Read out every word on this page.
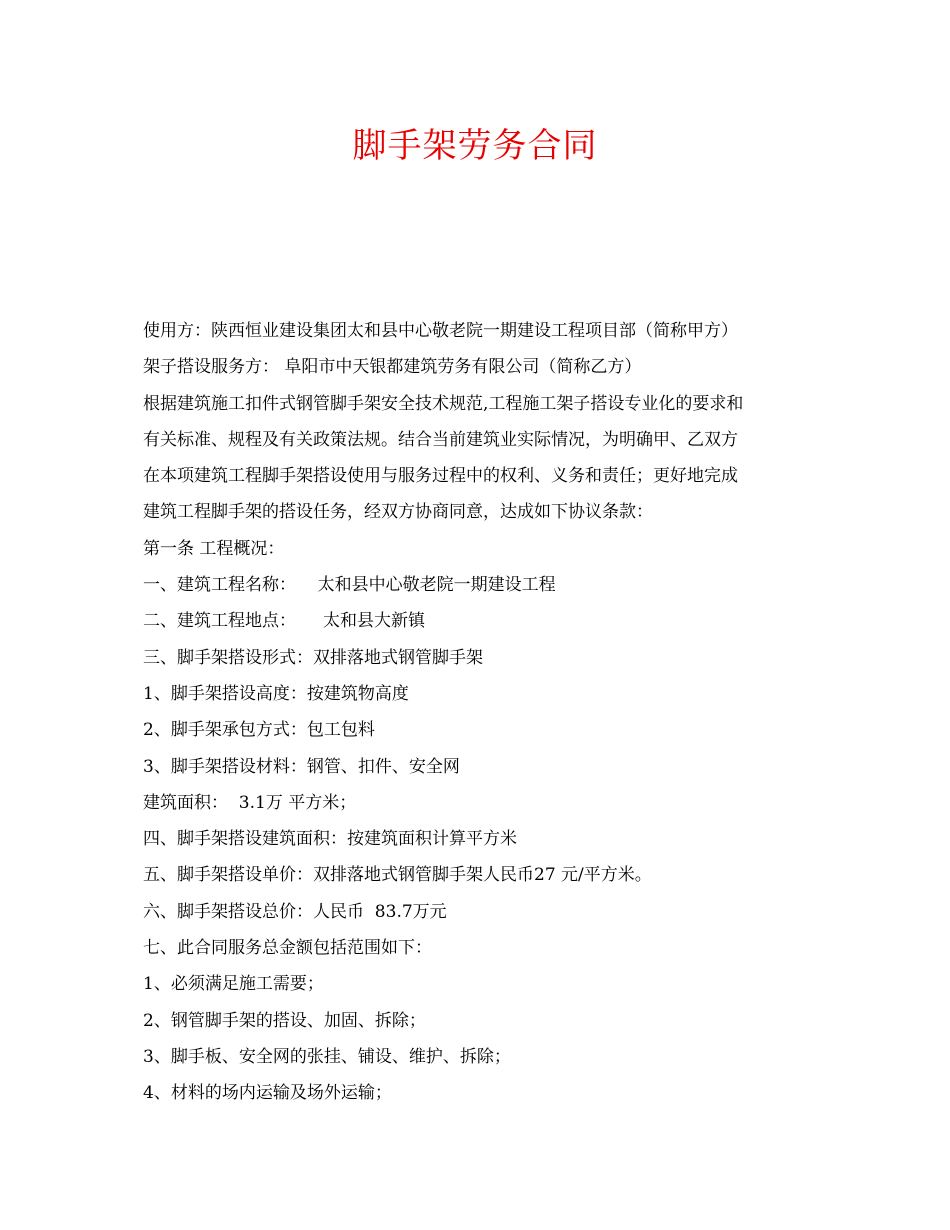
脚手架劳务合同
使用方：陕西恒业建设集团太和县中心敬老院一期建设工程项目部（简称甲方）
架子搭设服务方： 阜阳市中天银都建筑劳务有限公司（简称乙方）
根据建筑施工扣件式钢管脚手架安全技术规范,工程施工架子搭设专业化的要求和
有关标准、规程及有关政策法规。结合当前建筑业实际情况，为明确甲、乙双方
在本项建筑工程脚手架搭设使用与服务过程中的权利、义务和责任；更好地完成
建筑工程脚手架的搭设任务，经双方协商同意，达成如下协议条款：
第一条 工程概况：
一、建筑工程名称：    太和县中心敬老院一期建设工程
二、建筑工程地点：     太和县大新镇
三、脚手架搭设形式：双排落地式钢管脚手架
1、脚手架搭设高度：按建筑物高度
2、脚手架承包方式：包工包料
3、脚手架搭设材料：钢管、扣件、安全网
建筑面积：  3.1万 平方米；
四、脚手架搭设建筑面积：按建筑面积计算平方米
五、脚手架搭设单价：双排落地式钢管脚手架人民币27 元/平方米。
六、脚手架搭设总价：人民币  83.7万元
七、此合同服务总金额包括范围如下：
1、必须满足施工需要；
2、钢管脚手架的搭设、加固、拆除；
3、脚手板、安全网的张挂、铺设、维护、拆除；
4、材料的场内运输及场外运输；
